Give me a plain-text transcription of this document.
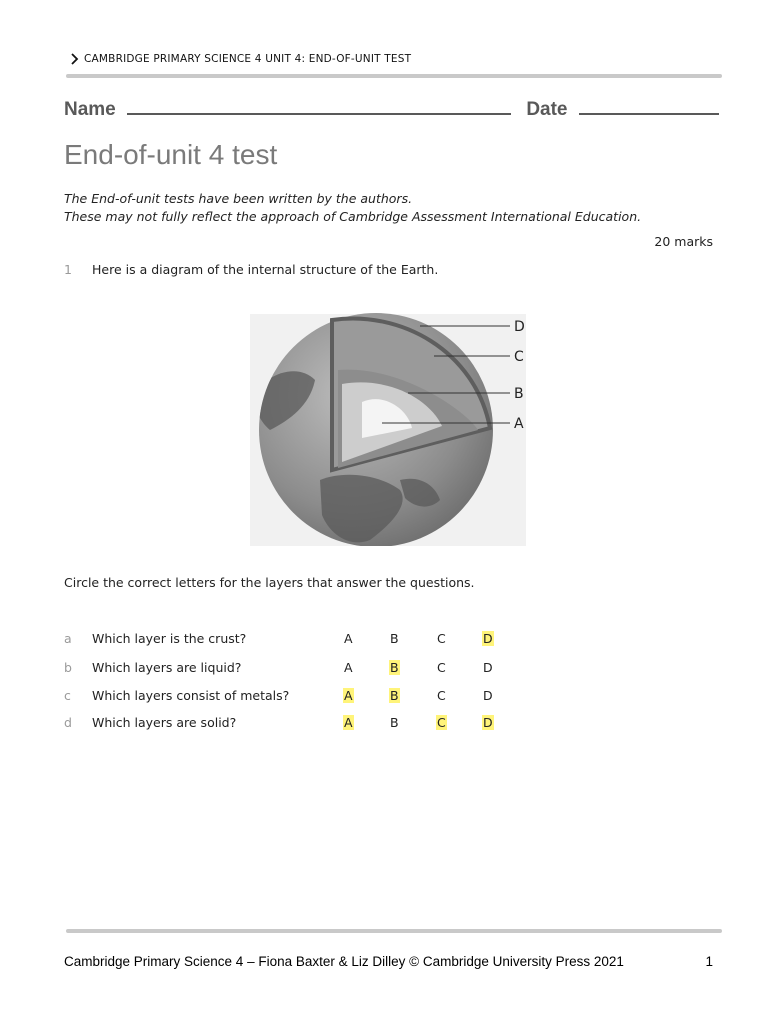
CAMBRIDGE PRIMARY SCIENCE 4 UNIT 4: END-OF-UNIT TEST
Name	Date
End-of-unit 4 test
The End-of-unit tests have been written by the authors.
These may not fully reflect the approach of Cambridge Assessment International Education.
20 marks
1 Here is a diagram of the internal structure of the Earth.
D
C
B
A
Circle the correct letters for the layers that answer the questions.
a Which layer is the crust?	A	B	C	D
b Which layers are liquid?	A	B	C	D
c Which layers consist of metals?	A	B	C	D
d Which layers are solid?	A	B	C	D
Cambridge Primary Science 4 – Fiona Baxter & Liz Dilley © Cambridge University Press 2021	1
